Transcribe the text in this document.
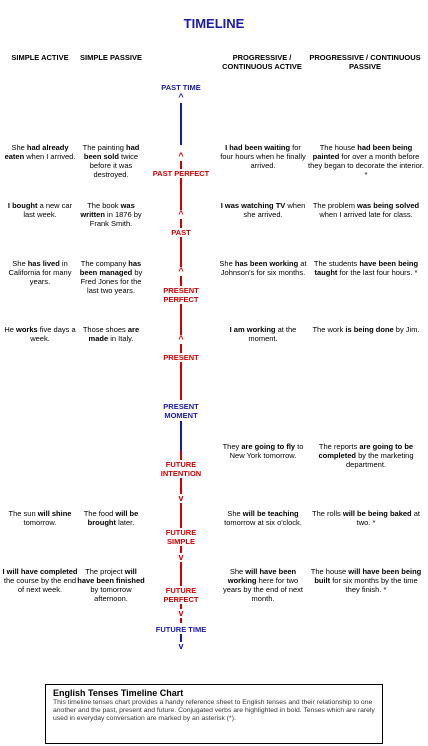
TIMELINE
SIMPLE ACTIVE	SIMPLE PASSIVE	PROGRESSIVE / CONTINUOUS ACTIVE
PROGRESSIVE / CONTINUOUS PASSIVE
^
PAST TIME
^
PAST PERFECT
^
PAST
^
PRESENT PERFECT
^
PRESENT
PRESENT MOMENT
FUTURE INTENTION
v
FUTURE SIMPLE
v
FUTURE PERFECT
v
FUTURE TIME
v
She had already eaten when I arrived.
The painting had been sold twice before it was destroyed.
I had been waiting for four hours when he finally arrived.
The house had been being painted for over a month before they began to decorate the interior. *
I bought a new car last week.
The book was written in 1876 by Frank Smith.
I was watching TV when she arrived.
The problem was being solved when I arrived late for class.
She has lived in California for many years.
The company has been managed by Fred Jones for the last two years.
She has been working at Johnson's for six months.
The students have been being taught for the last four hours. *
He works five days a week.
Those shoes are made in Italy.
I am working at the moment.
The work is being done by Jim.
They are going to fly to New York tomorrow.
The reports are going to be completed by the marketing department.
The sun will shine tomorrow.
The food will be brought later.
She will be teaching tomorrow at six o'clock.
The rolls will be being baked at two. *
I will have completed the course by the end of next week.
The project will have been finished by tomorrow afternoon.
She will have been working here for two years by the end of next month.
The house will have been being built for six months by the time they finish. *
English Tenses Timeline Chart

This timeline tenses chart provides a handy reference sheet to English tenses and their relationship to one another and the past, present and future. Conjugated verbs are highlighted in bold. Tenses which are rarely used in everyday conversation are marked by an asterisk (*).
